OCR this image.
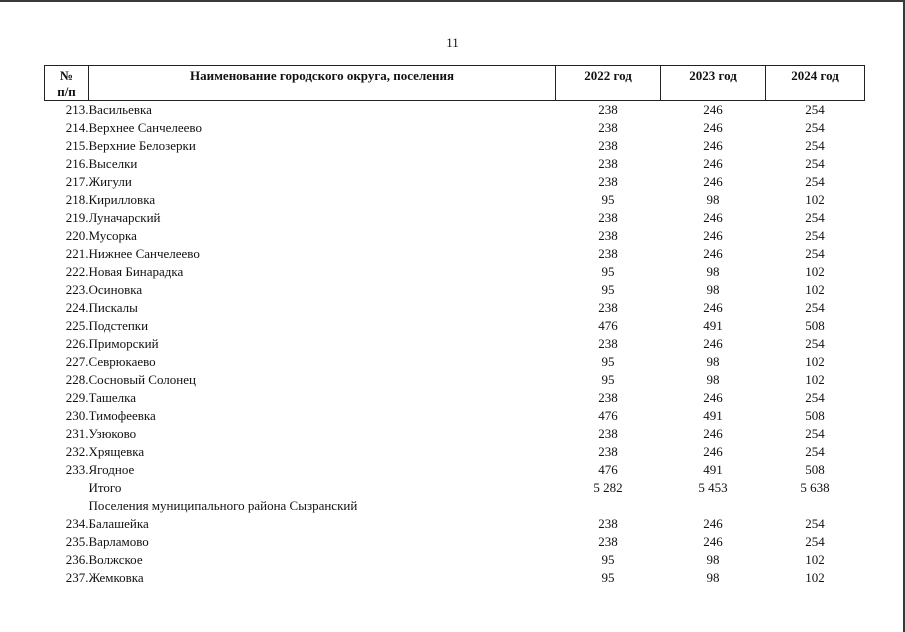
11
№
п/п	Наименование городского округа, поселения	2022 год	2023 год	2024 год

213.	Васильевка	238	246	254
214.	Верхнее Санчелеево	238	246	254
215.	Верхние Белозерки	238	246	254
216.	Выселки	238	246	254
217.	Жигули	238	246	254
218.	Кирилловка	95	98	102
219.	Луначарский	238	246	254
220.	Мусорка	238	246	254
221.	Нижнее Санчелеево	238	246	254
222.	Новая Бинарадка	95	98	102
223.	Осиновка	95	98	102
224.	Пискалы	238	246	254
225.	Подстепки	476	491	508
226.	Приморский	238	246	254
227.	Севрюкаево	95	98	102
228.	Сосновый Солонец	95	98	102
229.	Ташелка	238	246	254
230.	Тимофеевка	476	491	508
231.	Узюково	238	246	254
232.	Хрящевка	238	246	254
233.	Ягодное	476	491	508
	Итого	5 282	5 453	5 638
	Поселения муниципального района Сызранский			
234.	Балашейка	238	246	254
235.	Варламово	238	246	254
236.	Волжское	95	98	102
237.	Жемковка	95	98	102
